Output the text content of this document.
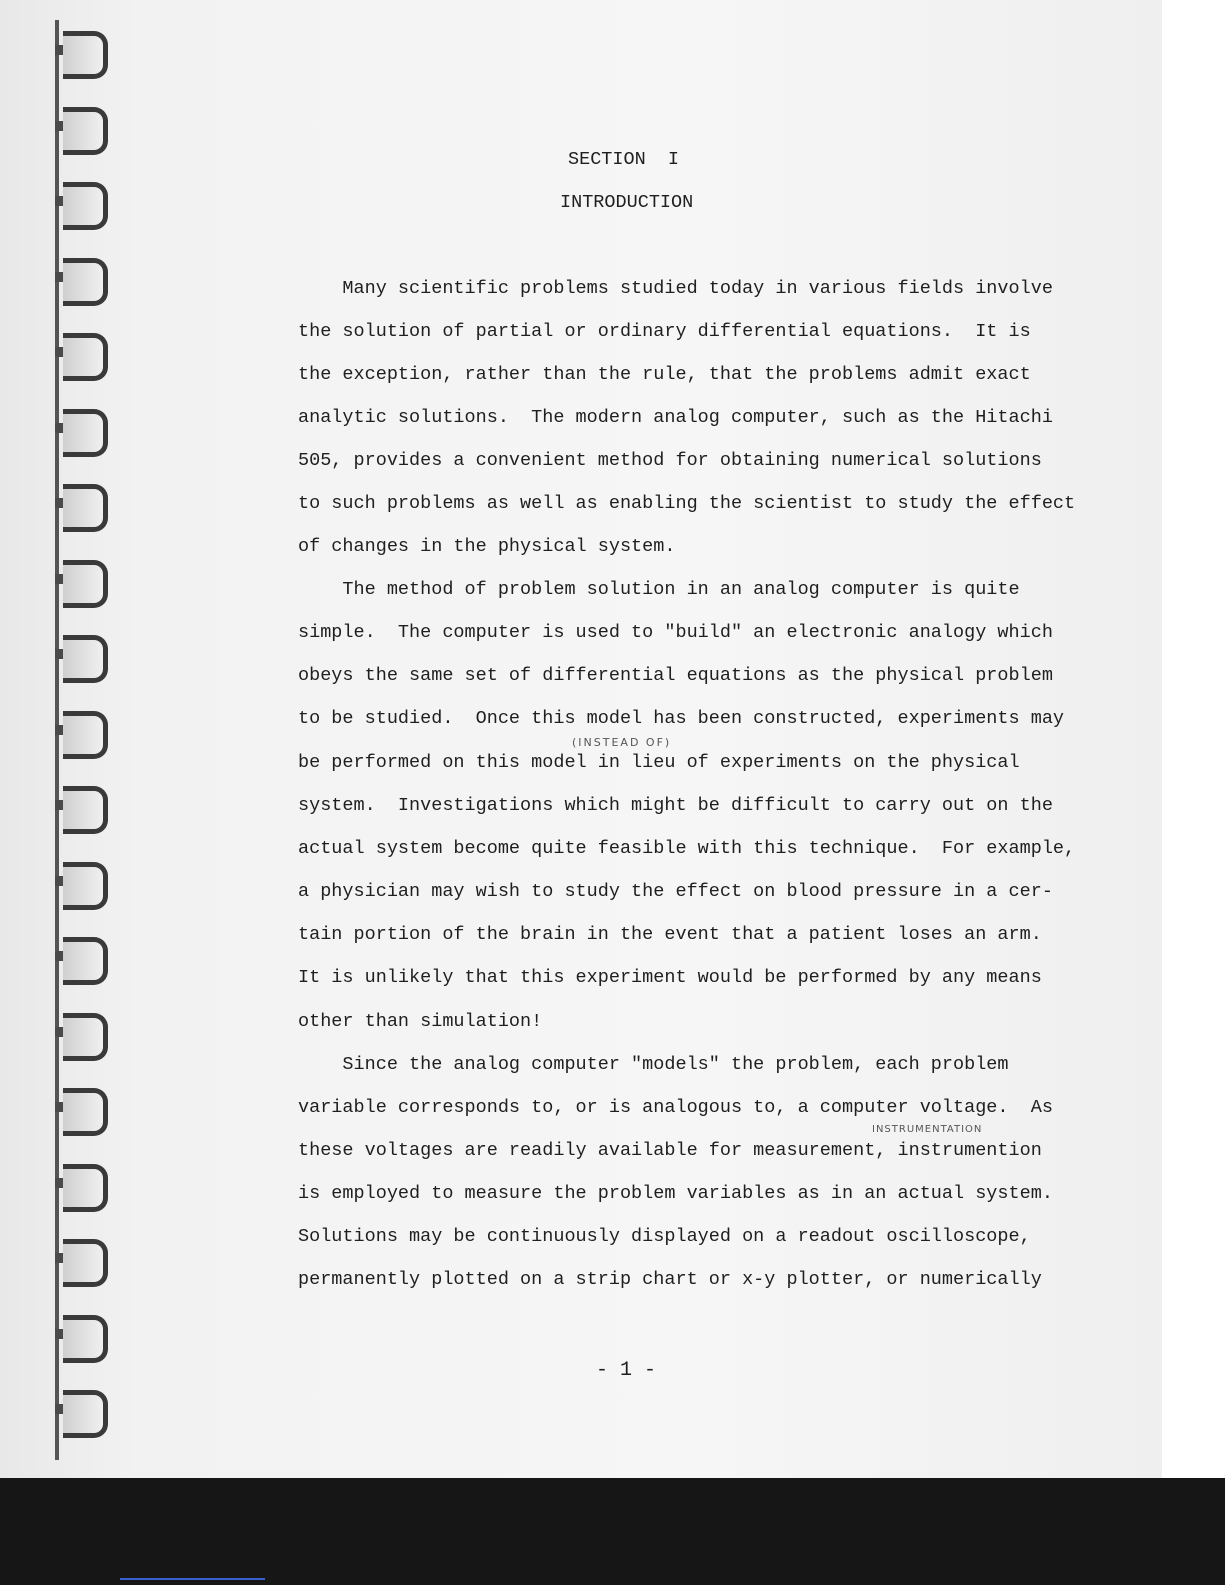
SECTION  I
INTRODUCTION
Many scientific problems studied today in various fields involve
the solution of partial or ordinary differential equations.  It is
the exception, rather than the rule, that the problems admit exact
analytic solutions.  The modern analog computer, such as the Hitachi
505, provides a convenient method for obtaining numerical solutions
to such problems as well as enabling the scientist to study the effect
of changes in the physical system.
The method of problem solution in an analog computer is quite
simple.  The computer is used to "build" an electronic analogy which
obeys the same set of differential equations as the physical problem
to be studied.  Once this model has been constructed, experiments may
(INSTEAD OF)
be performed on this model in lieu of experiments on the physical
system.  Investigations which might be difficult to carry out on the
actual system become quite feasible with this technique.  For example,
a physician may wish to study the effect on blood pressure in a cer-
tain portion of the brain in the event that a patient loses an arm.
It is unlikely that this experiment would be performed by any means
other than simulation!
Since the analog computer "models" the problem, each problem
variable corresponds to, or is analogous to, a computer voltage.  As
INSTRUMENTATION
these voltages are readily available for measurement, instrumention
is employed to measure the problem variables as in an actual system.
Solutions may be continuously displayed on a readout oscilloscope,
permanently plotted on a strip chart or x-y plotter, or numerically
- 1 -
